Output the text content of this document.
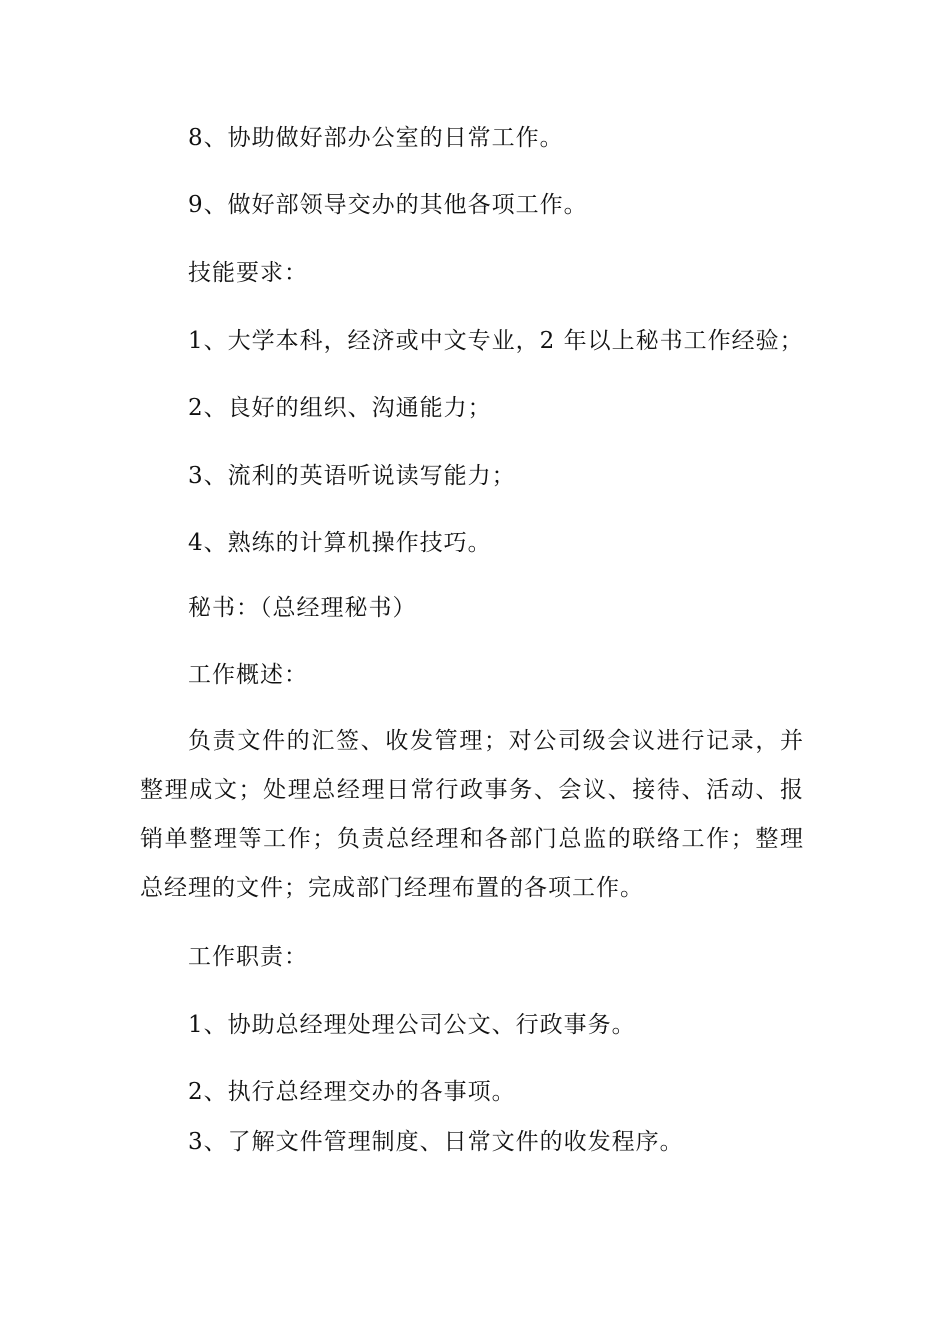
8、协助做好部办公室的日常工作。
9、做好部领导交办的其他各项工作。
技能要求：
1、大学本科，经济或中文专业，2 年以上秘书工作经验；
2、良好的组织、沟通能力；
3、流利的英语听说读写能力；
4、熟练的计算机操作技巧。
秘书：（总经理秘书）
工作概述：
负责文件的汇签、收发管理；对公司级会议进行记录，并整理成文；处理总经理日常行政事务、会议、接待、活动、报销单整理等工作；负责总经理和各部门总监的联络工作；整理总经理的文件；完成部门经理布置的各项工作。
工作职责：
1、协助总经理处理公司公文、行政事务。
2、执行总经理交办的各事项。
3、了解文件管理制度、日常文件的收发程序。
